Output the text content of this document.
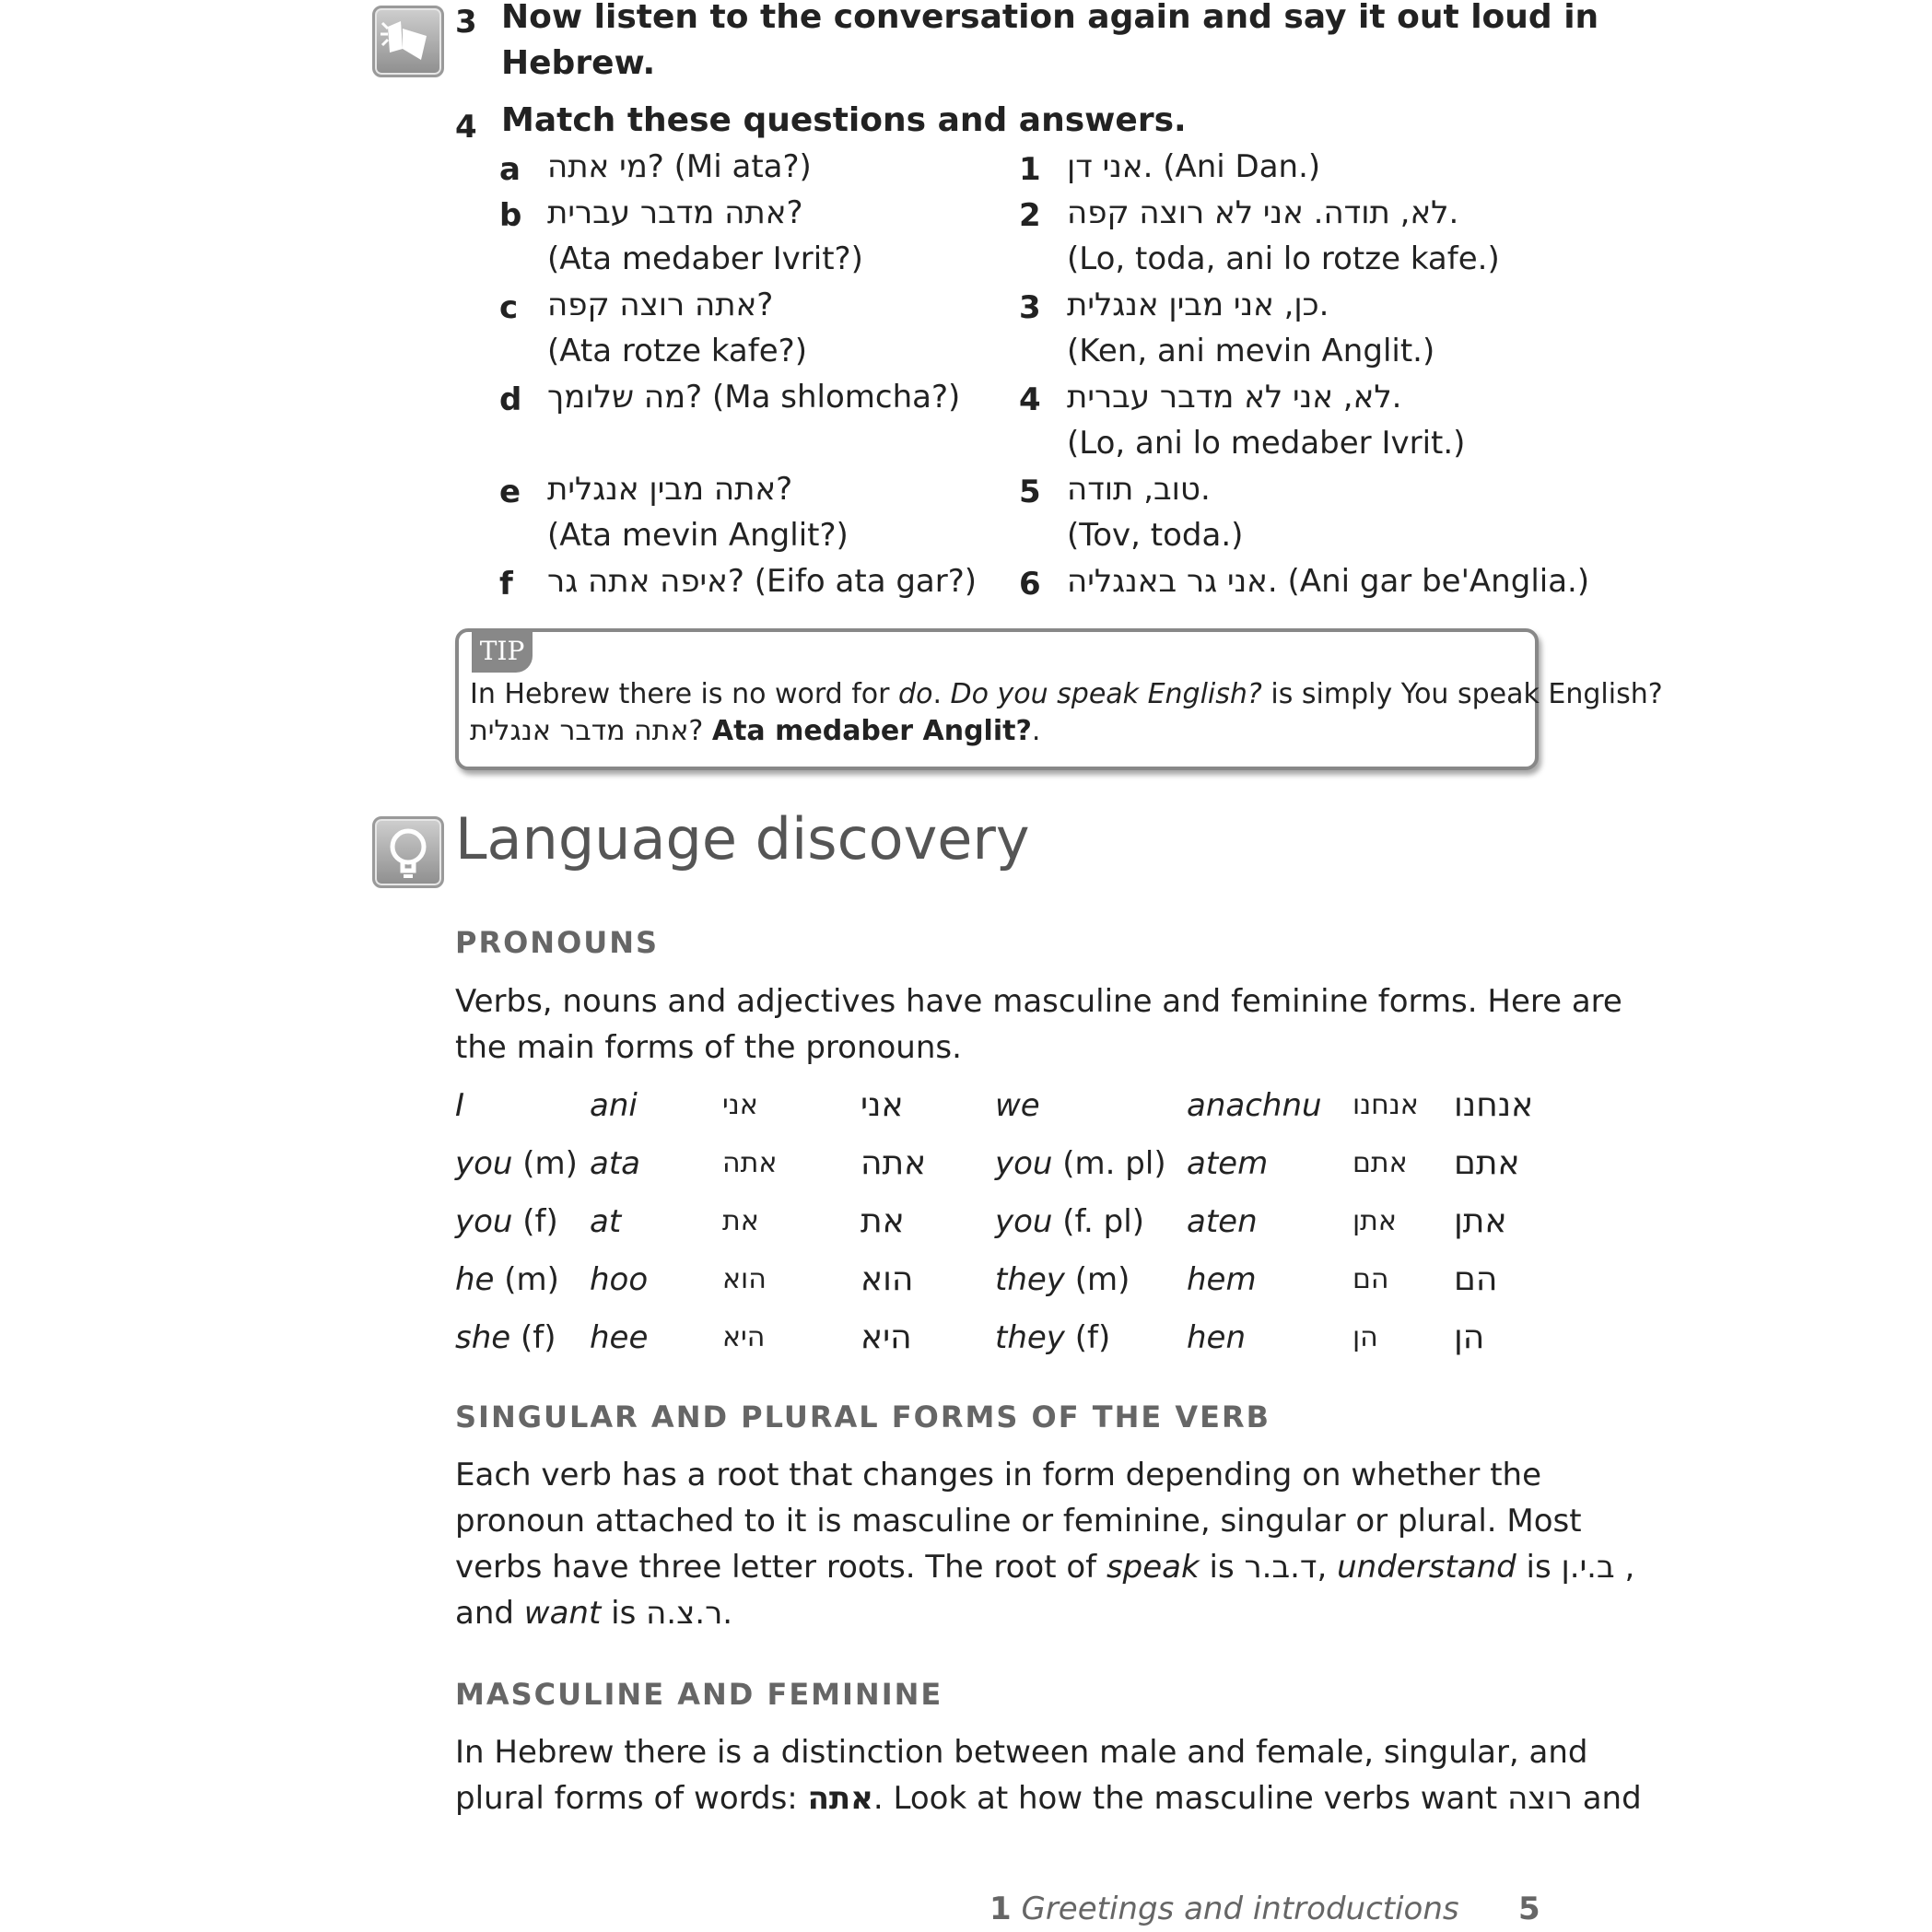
3 Now listen to the conversation again and say it out loud in
Hebrew.
4 Match these questions and answers.
a ?מי אתה (Mi ata?)
b ?אתה מדבר עברית
(Ata medaber Ivrit?)
c ?אתה רוצה קפה
(Ata rotze kafe?)
d ?מה שלומך (Ma shlomcha?)
e ?אתה מבין אנגלית
(Ata mevin Anglit?)
f ?איפה אתה גר (Eifo ata gar?)
1 .אני דן (Ani Dan.)
2 .לא, תודה. אני לא רוצה קפה
(Lo, toda, ani lo rotze kafe.)
3 .כן, אני מבין אנגלית
(Ken, ani mevin Anglit.)
4 .לא, אני לא מדבר עברית
(Lo, ani lo medaber Ivrit.)
5 .טוב, תודה
(Tov, toda.)
6 .אני גר באנגליה (Ani gar be'Anglia.)
TIP
In Hebrew there is no word for do. Do you speak English? is simply You speak English?
?אתה מדבר אנגלית Ata medaber Anglit?.
Language discovery
PRONOUNS
Verbs, nouns and adjectives have masculine and feminine forms. Here are
the main forms of the pronouns.
I	ani	אני	אני	we	anachnu אנחנו אנחנו
you (m) ata	אתה	אתה you (m. pl) atem	אתם אתם
you (f) at	את	את	you (f. pl) aten	אתן אתן
he (m) hoo	הוא	הוא	they (m) hem	הם הם
she (f) hee	היא	היא	they (f) hen	הן הן
SINGULAR AND PLURAL FORMS OF THE VERB
Each verb has a root that changes in form depending on whether the
pronoun attached to it is masculine or feminine, singular or plural. Most
verbs have three letter roots. The root of speak is ד.ב.ר, understand is ב.י.ן ,
and want is ר.צ.ה.
MASCULINE AND FEMININE
In Hebrew there is a distinction between male and female, singular, and
plural forms of words: אתה. Look at how the masculine verbs want רוצה and
1 Greetings and introductions 5
